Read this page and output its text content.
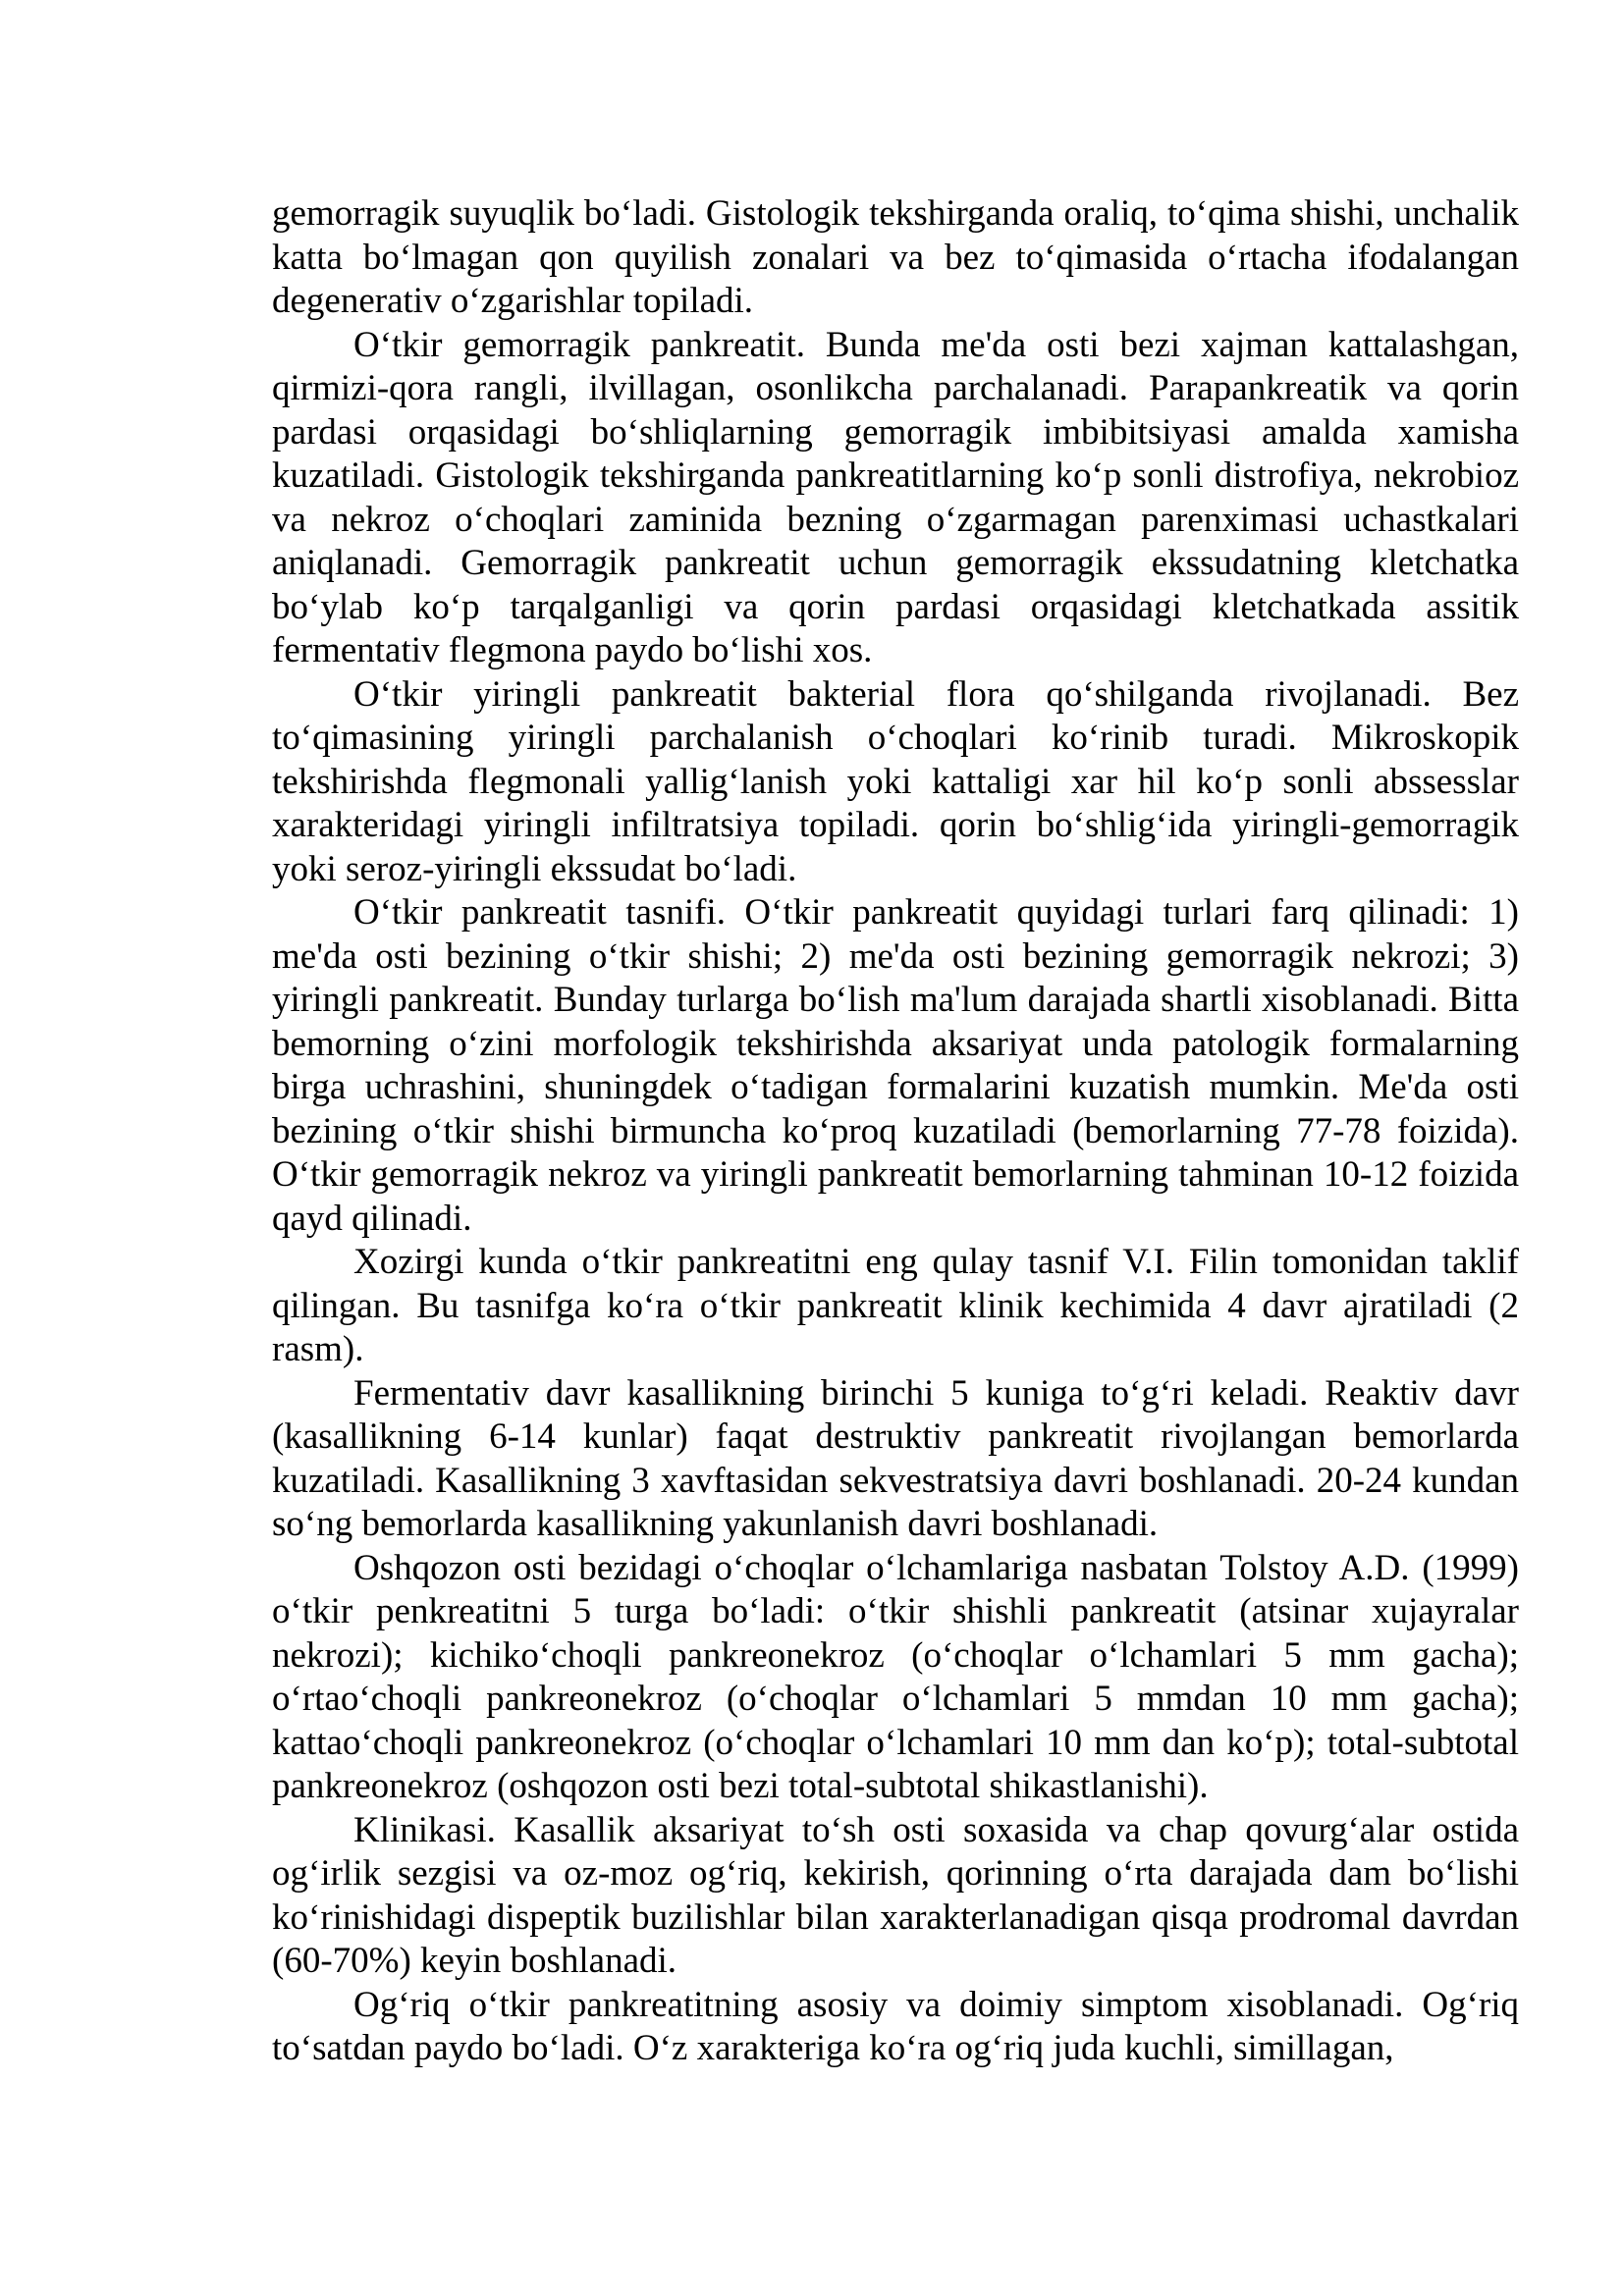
gemorragik suyuqlik bo‘ladi. Gistologik tekshirganda oraliq, to‘qima shishi, unchalik katta bo‘lmagan qon quyilish zonalari va bez to‘qimasida o‘rtacha ifodalangan degenerativ o‘zgarishlar topiladi.

O‘tkir gemorragik pankreatit. Bunda me'da osti bezi xajman kattalashgan, qirmizi-qora rangli, ilvillagan, osonlikcha parchalanadi. Parapankreatik va qorin pardasi orqasidagi bo‘shliqlarning gemorragik imbibitsiyasi amalda xamisha kuzatiladi. Gistologik tekshirganda pankreatitlarning ko‘p sonli distrofiya, nekrobioz va nekroz o‘choqlari zaminida bezning o‘zgarmagan parenximasi uchastkalari aniqlanadi. Gemorragik pankreatit uchun gemorragik ekssudatning kletchatka bo‘ylab ko‘p tarqalganligi va qorin pardasi orqasidagi kletchatkada assitik fermentativ flegmona paydo bo‘lishi xos.

O‘tkir yiringli pankreatit bakterial flora qo‘shilganda rivojlanadi. Bez to‘qimasining yiringli parchalanish o‘choqlari ko‘rinib turadi. Mikroskopik tekshirishda flegmonali yallig‘lanish yoki kattaligi xar hil ko‘p sonli abssesslar xarakteridagi yiringli infiltratsiya topiladi. qorin bo‘shlig‘ida yiringli-gemorragik yoki seroz-yiringli ekssudat bo‘ladi.

O‘tkir pankreatit tasnifi. O‘tkir pankreatit quyidagi turlari farq qilinadi: 1) me'da osti bezining o‘tkir shishi; 2) me'da osti bezining gemorragik nekrozi; 3) yiringli pankreatit. Bunday turlarga bo‘lish ma'lum darajada shartli xisoblanadi. Bitta bemorning o‘zini morfologik tekshirishda aksariyat unda patologik formalarning birga uchrashini, shuningdek o‘tadigan formalarini kuzatish mumkin. Me'da osti bezining o‘tkir shishi birmuncha ko‘proq kuzatiladi (bemorlarning 77-78 foizida). O‘tkir gemorragik nekroz va yiringli pankreatit bemorlarning tahminan 10-12 foizida qayd qilinadi.

Xozirgi kunda o‘tkir pankreatitni eng qulay tasnif V.I. Filin tomonidan taklif qilingan. Bu tasnifga ko‘ra o‘tkir pankreatit klinik kechimida 4 davr ajratiladi (2 rasm).

Fermentativ davr kasallikning birinchi 5 kuniga to‘g‘ri keladi. Reaktiv davr (kasallikning 6-14 kunlar) faqat destruktiv pankreatit rivojlangan bemorlarda kuzatiladi. Kasallikning 3 xavftasidan sekvestratsiya davri boshlanadi. 20-24 kundan so‘ng bemorlarda kasallikning yakunlanish davri boshlanadi.

Oshqozon osti bezidagi o‘choqlar o‘lchamlariga nasbatan Tolstoy A.D. (1999) o‘tkir penkreatitni 5 turga bo‘ladi: o‘tkir shishli pankreatit (atsinar xujayralar nekrozi); kichiko‘choqli pankreonekroz (o‘choqlar o‘lchamlari 5 mm gacha); o‘rtao‘choqli pankreonekroz (o‘choqlar o‘lchamlari 5 mmdan 10 mm gacha); kattao‘choqli pankreonekroz (o‘choqlar o‘lchamlari 10 mm dan ko‘p); total-subtotal pankreonekroz (oshqozon osti bezi total-subtotal shikastlanishi).

Klinikasi. Kasallik aksariyat to‘sh osti soxasida va chap qovurg‘alar ostida og‘irlik sezgisi va oz-moz og‘riq, kekirish, qorinning o‘rta darajada dam bo‘lishi ko‘rinishidagi dispeptik buzilishlar bilan xarakterlanadigan qisqa prodromal davrdan (60-70%) keyin boshlanadi.

Og‘riq o‘tkir pankreatitning asosiy va doimiy simptom xisoblanadi. Og‘riq to‘satdan paydo bo‘ladi. O‘z xarakteriga ko‘ra og‘riq juda kuchli, simillagan,
